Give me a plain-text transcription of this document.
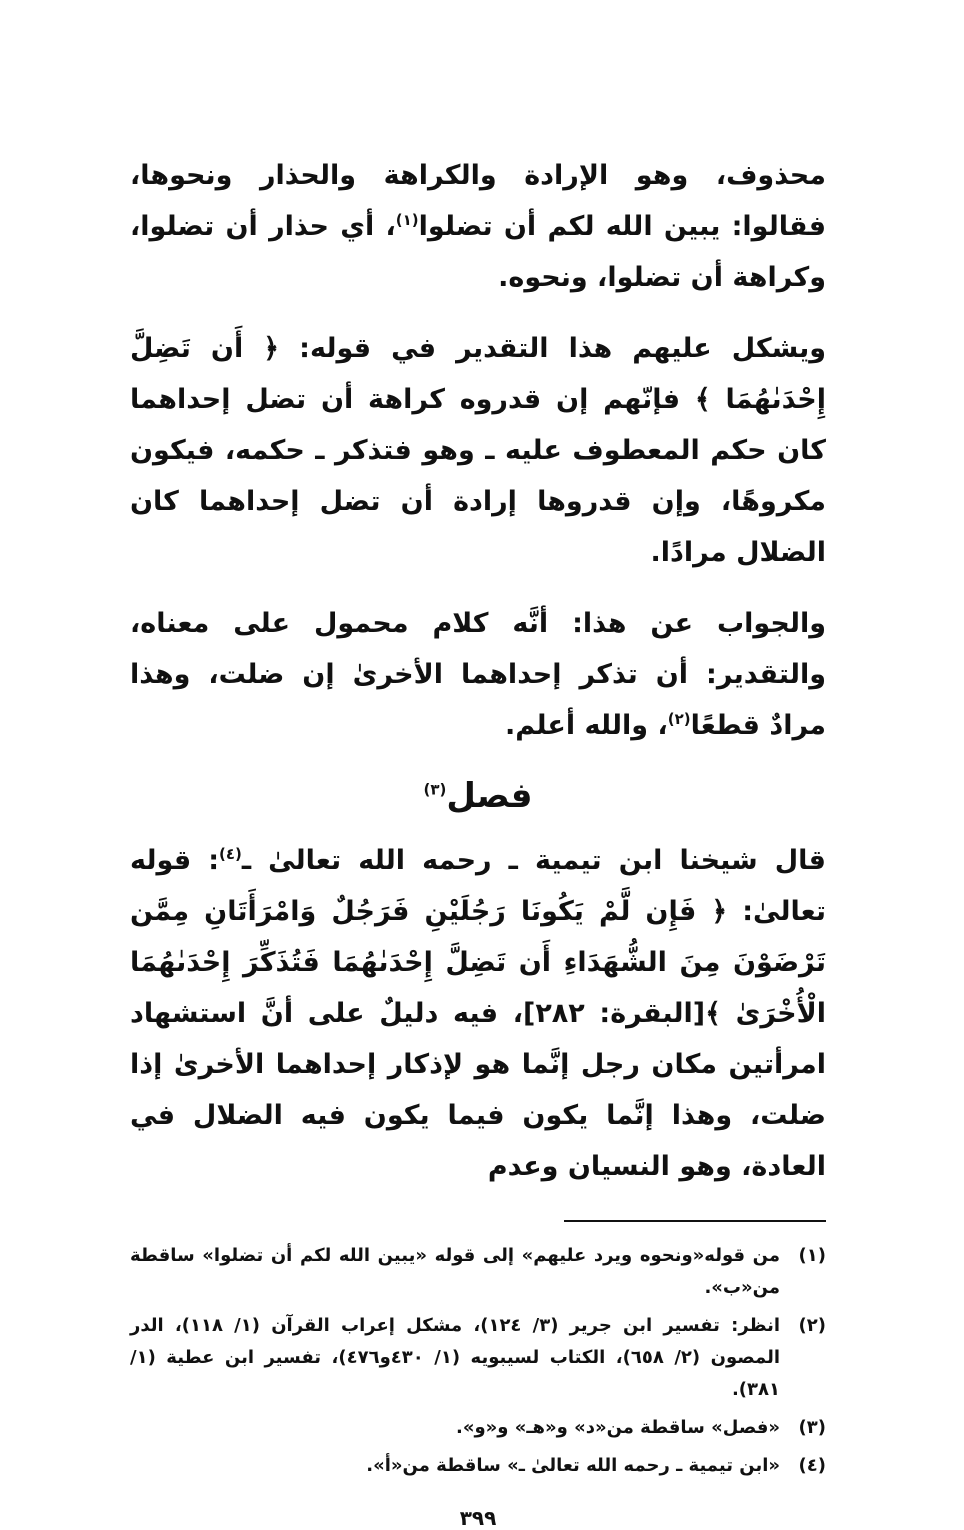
محذوف، وهو الإرادة والكراهة والحذار ونحوها، فقالوا: يبين الله لكم أن تضلوا$^{(١)}$، أي حذار أن تضلوا، وكراهة أن تضلوا، ونحوه.

ويشكل عليهم هذا التقدير في قوله: ﴿ أَن تَضِلَّ إِحْدَىٰهُمَا ﴾ فإنّهم إن قدروه كراهة أن تضل إحداهما كان حكم المعطوف عليه ـ وهو فتذكر ـ حكمه، فيكون مكروهًا، وإن قدروها إرادة أن تضل إحداهما كان الضلال مرادًا.

والجواب عن هذا: أنَّه كلام محمول على معناه، والتقدير: أن تذكر إحداهما الأخرىٰ إن ضلت، وهذا مرادٌ قطعًا$^{(٢)}$، والله أعلم.

فصل$^{(٣)}$

قال شيخنا ابن تيمية ـ رحمه الله تعالىٰ ـ$^{(٤)}$: قوله تعالىٰ: ﴿ فَإِن لَّمْ يَكُونَا رَجُلَيْنِ فَرَجُلٌ وَامْرَأَتَانِ مِمَّن تَرْضَوْنَ مِنَ الشُّهَدَاءِ أَن تَضِلَّ إِحْدَىٰهُمَا فَتُذَكِّرَ إِحْدَىٰهُمَا الْأُخْرَىٰ ﴾[البقرة: ٢٨٢]، فيه دليلٌ على أنَّ استشهاد امرأتين مكان رجل إنَّما هو لإذكار إحداهما الأخرىٰ إذا ضلت، وهذا إنَّما يكون فيما يكون فيه الضلال في العادة، وهو النسيان وعدم

(١)
من قوله«ونحوه ويرد عليهم» إلى قوله «يبين الله لكم أن تضلوا» ساقطة من«ب».
(٢)
انظر: تفسير ابن جرير (٣/ ١٢٤)، مشكل إعراب القرآن (١/ ١١٨)، الدر المصون (٢/ ٦٥٨)، الكتاب لسيبويه (١/ ٤٣٠و٤٧٦)، تفسير ابن عطية (١/ ٣٨١).
(٣)
«فصل» ساقطة من«د» و«هـ» و«و».
(٤)
«ابن تيمية ـ رحمه الله تعالىٰ ـ» ساقطة من«أ».
٣٩٩
